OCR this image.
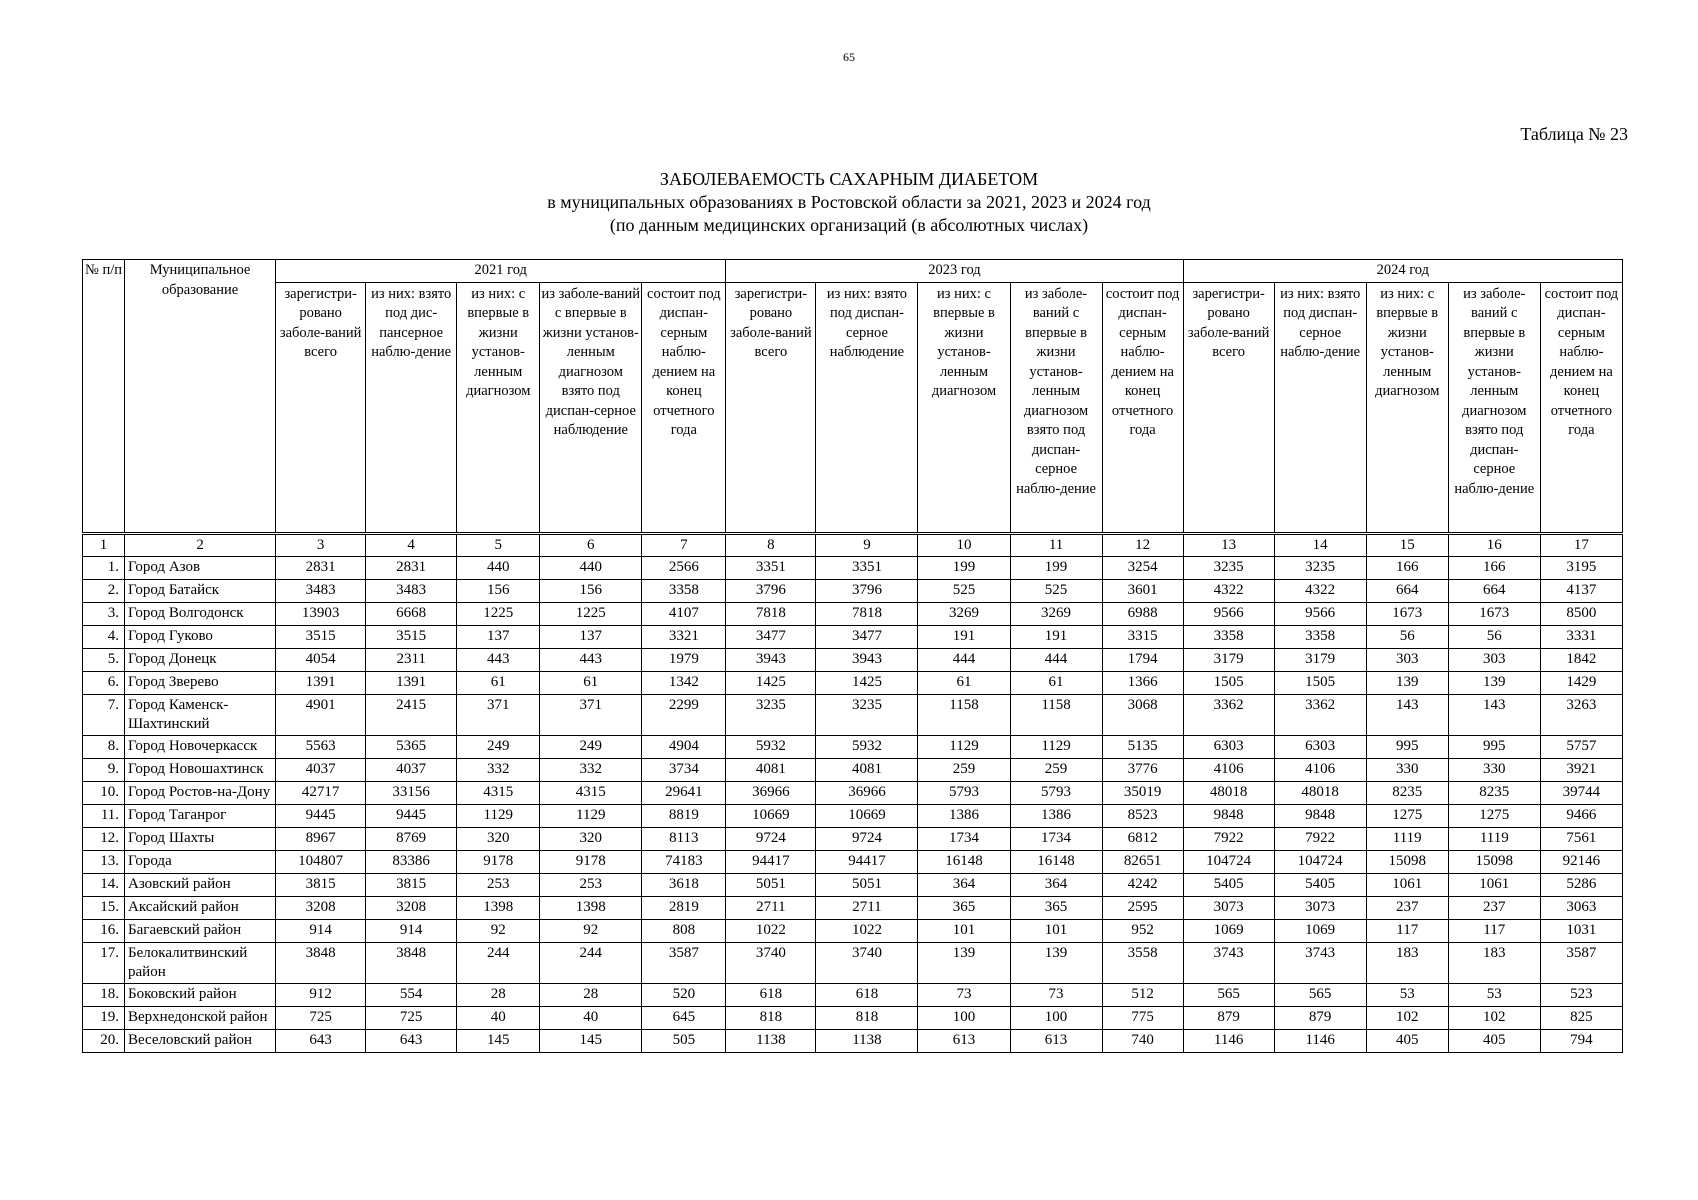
65
Таблица № 23
ЗАБОЛЕВАЕМОСТЬ САХАРНЫМ ДИАБЕТОМ
в муниципальных образованиях в Ростовской области за 2021, 2023 и 2024 год
(по данным медицинских организаций (в абсолютных числах)
№ п/п	Муниципальное образование	2021 год					2023 год					2024 год				
		зарегистри-рованo заболе-ваний всего	из них: взято под дис-пансерное наблю-дение	из них: с впервые в жизни установ-ленным диагнозом	из заболе-ваний с впервые в жизни установ-ленным диагнозом взято под диспан-серное наблюдение	состоит под диспан-серным наблю-дением на конец отчетного года	зарегистри-рованo заболе-ваний всего	из них: взято под диспан-серное наблюдение	из них: с впервые в жизни установ-ленным диагнозом	из заболе-ваний с впервые в жизни установ-ленным диагнозом взято под диспан-серное наблю-дение	состоит под диспан-серным наблю-дением на конец отчетного года	зарегистри-рованo заболе-ваний всего	из них: взято под диспан-серное наблю-дение	из них: с впервые в жизни установ-ленным диагнозом	из заболе-ваний с впервые в жизни установ-ленным диагнозом взято под диспан-серное наблю-дение	состоит под диспан-серным наблю-дением на конец отчетного года
1	2	3	4	5	6	7	8	9	10	11	12	13	14	15	16	17
1.	Город Азов	2831	2831	440	440	2566	3351	3351	199	199	3254	3235	3235	166	166	3195
2.	Город Батайск	3483	3483	156	156	3358	3796	3796	525	525	3601	4322	4322	664	664	4137
3.	Город Волгодонск	13903	6668	1225	1225	4107	7818	7818	3269	3269	6988	9566	9566	1673	1673	8500
4.	Город Гуково	3515	3515	137	137	3321	3477	3477	191	191	3315	3358	3358	56	56	3331
5.	Город Донецк	4054	2311	443	443	1979	3943	3943	444	444	1794	3179	3179	303	303	1842
6.	Город Зверево	1391	1391	61	61	1342	1425	1425	61	61	1366	1505	1505	139	139	1429
7.	Город Каменск-Шахтинский	4901	2415	371	371	2299	3235	3235	1158	1158	3068	3362	3362	143	143	3263
8.	Город Новочеркасск	5563	5365	249	249	4904	5932	5932	1129	1129	5135	6303	6303	995	995	5757
9.	Город Новошахтинск	4037	4037	332	332	3734	4081	4081	259	259	3776	4106	4106	330	330	3921
10.	Город Ростов-на-Дону	42717	33156	4315	4315	29641	36966	36966	5793	5793	35019	48018	48018	8235	8235	39744
11.	Город Таганрог	9445	9445	1129	1129	8819	10669	10669	1386	1386	8523	9848	9848	1275	1275	9466
12.	Город Шахты	8967	8769	320	320	8113	9724	9724	1734	1734	6812	7922	7922	1119	1119	7561
13.	Города	104807	83386	9178	9178	74183	94417	94417	16148	16148	82651	104724	104724	15098	15098	92146
14.	Азовский район	3815	3815	253	253	3618	5051	5051	364	364	4242	5405	5405	1061	1061	5286
15.	Аксайский район	3208	3208	1398	1398	2819	2711	2711	365	365	2595	3073	3073	237	237	3063
16.	Багаевский район	914	914	92	92	808	1022	1022	101	101	952	1069	1069	117	117	1031
17.	Белокалитвинский район	3848	3848	244	244	3587	3740	3740	139	139	3558	3743	3743	183	183	3587
18.	Боковский район	912	554	28	28	520	618	618	73	73	512	565	565	53	53	523
19.	Верхнедонской район	725	725	40	40	645	818	818	100	100	775	879	879	102	102	825
20.	Веселовский район	643	643	145	145	505	1138	1138	613	613	740	1146	1146	405	405	794
